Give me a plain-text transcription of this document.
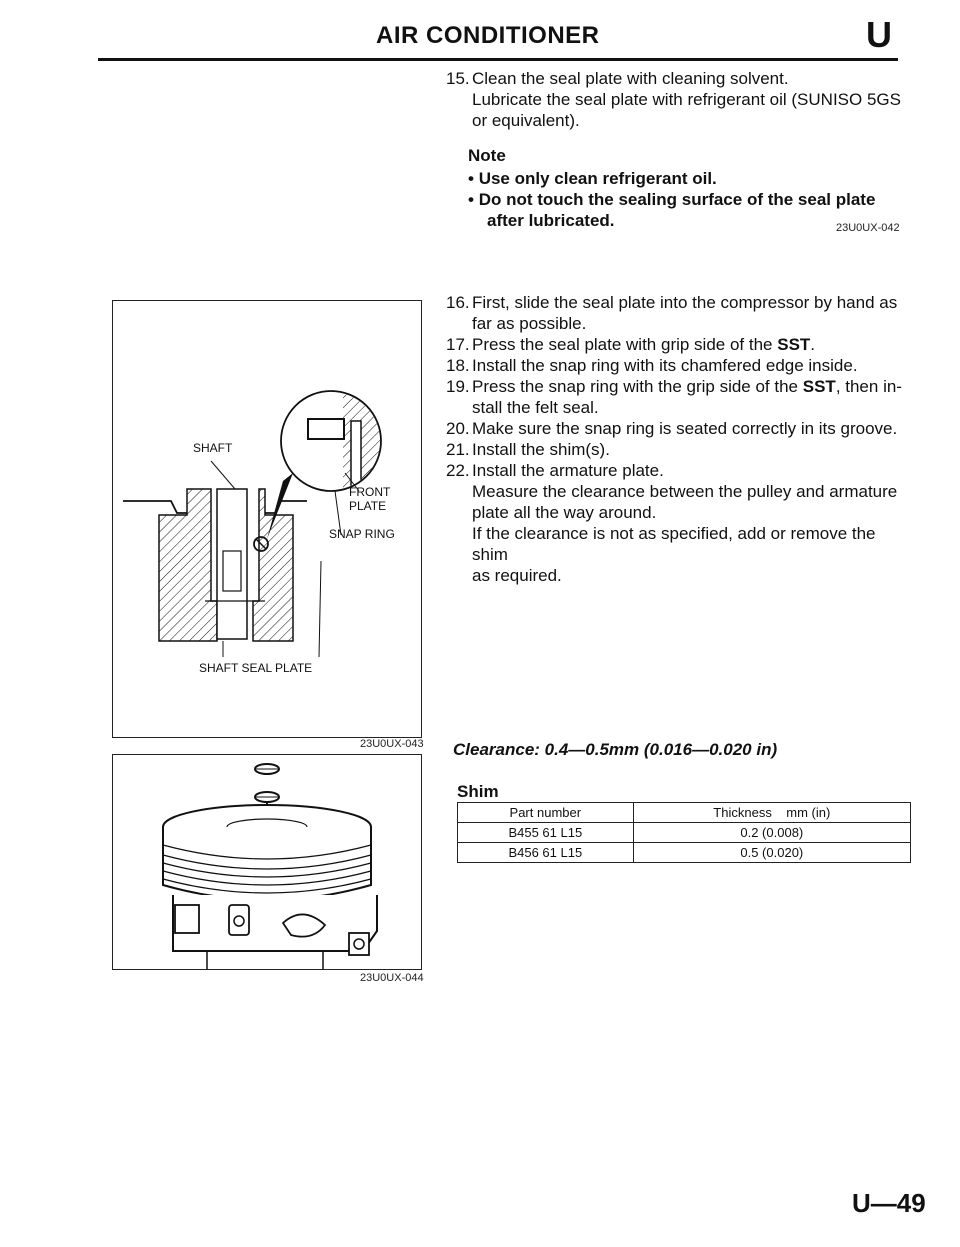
AIR CONDITIONER	U
15. Clean the seal plate with cleaning solvent.
Lubricate the seal plate with refrigerant oil (SUNISO 5GS
or equivalent).
Note
• Use only clean refrigerant oil.
• Do not touch the sealing surface of the seal plate
after lubricated.	23U0UX-042
16. First, slide the seal plate into the compressor by hand as
far as possible.
17. Press the seal plate with grip side of the SST.
18. Install the snap ring with its chamfered edge inside.
19. Press the snap ring with the grip side of the SST, then in-
stall the felt seal.
20. Make sure the snap ring is seated correctly in its groove.
21. Install the shim(s).
22. Install the armature plate.
Measure the clearance between the pulley and armature
plate all the way around.
If the clearance is not as specified, add or remove the shim
as required.
SHAFT
FRONT
PLATE
SNAP RING
SHAFT SEAL PLATE
23U0UX-043
23U0UX-044
Clearance: 0.4—0.5mm (0.016—0.020 in)
Shim
Part number	Thickness    mm (in)
B455 61 L15	0.2 (0.008)
B456 61 L15	0.5 (0.020)
U—49
